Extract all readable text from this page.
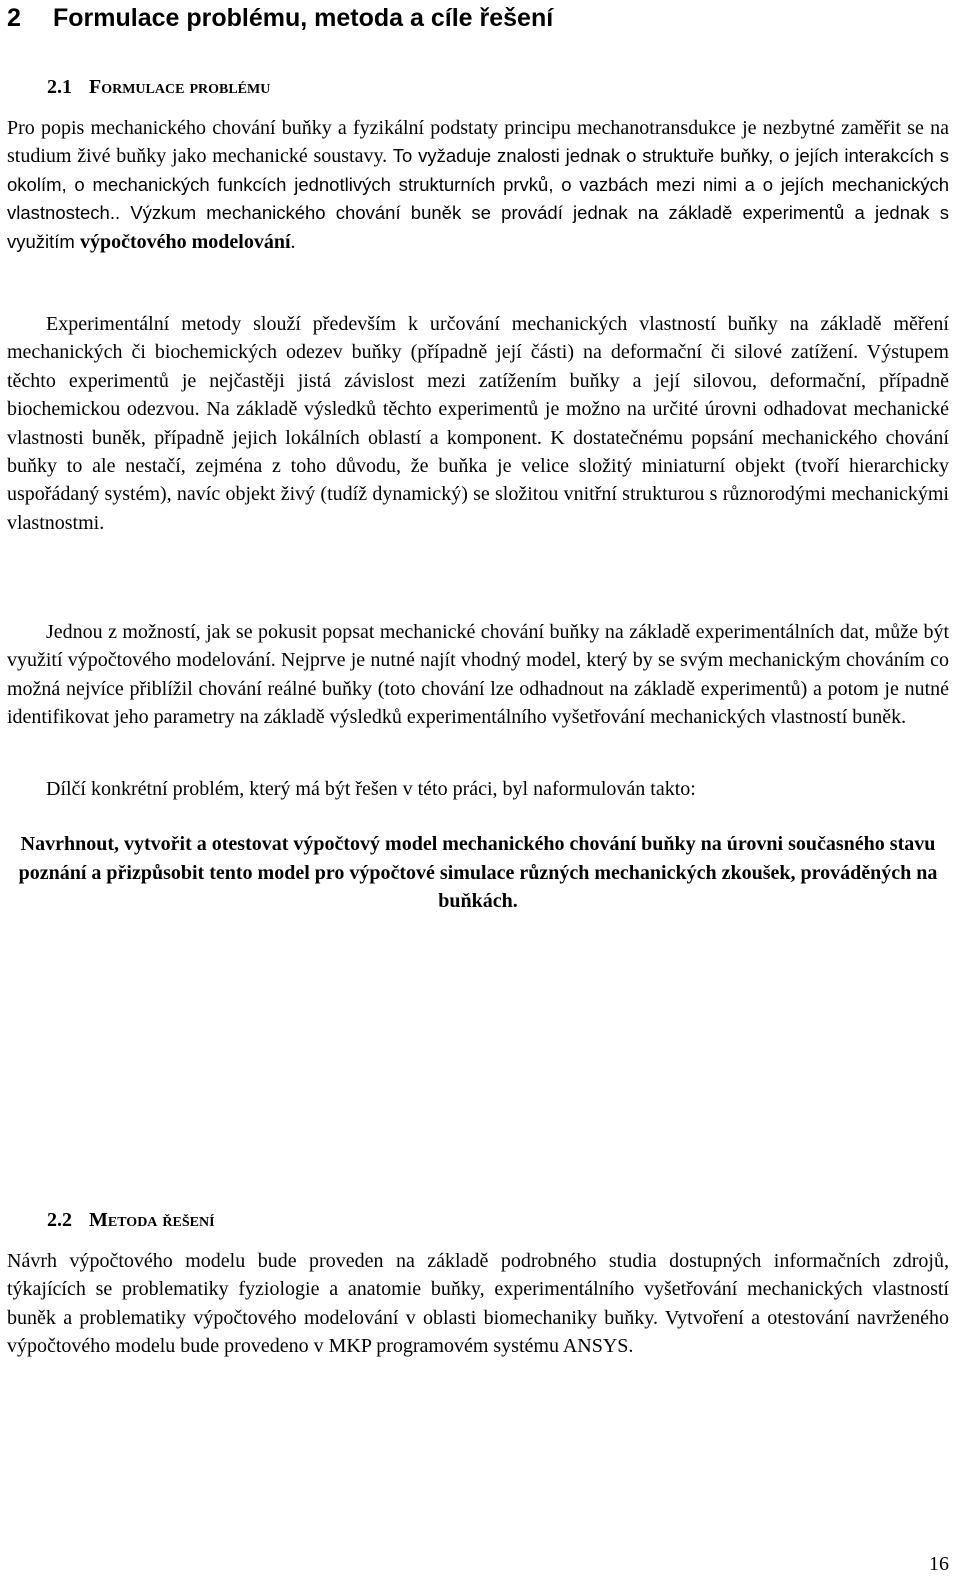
2 Formulace problému, metoda a cíle řešení
2.1 Formulace problému

Pro popis mechanického chování buňky a fyzikální podstaty principu mechanotransdukce je nezbytné zaměřit se na studium živé buňky jako mechanické soustavy. To vyžaduje znalosti jednak o struktuře buňky, o jejích interakcích s okolím, o mechanických funkcích jednotlivých strukturních prvků, o vazbách mezi nimi a o jejích mechanických vlastnostech.. Výzkum mechanického chování buněk se provádí jednak na základě experimentů a jednak s využitím výpočtového modelování.

Experimentální metody slouží především k určování mechanických vlastností buňky na základě měření mechanických či biochemických odezev buňky (případně její části) na deformační či silové zatížení. Výstupem těchto experimentů je nejčastěji jistá závislost mezi zatížením buňky a její silovou, deformační, případně biochemickou odezvou. Na základě výsledků těchto experimentů je možno na určité úrovni odhadovat mechanické vlastnosti buněk, případně jejich lokálních oblastí a komponent. K dostatečnému popsání mechanického chování buňky to ale nestačí, zejména z toho důvodu, že buňka je velice složitý miniaturní objekt (tvoří hierarchicky uspořádaný systém), navíc objekt živý (tudíž dynamický) se složitou vnitřní strukturou s různorodými mechanickými vlastnostmi.

Jednou z možností, jak se pokusit popsat mechanické chování buňky na základě experimentálních dat, může být využití výpočtového modelování. Nejprve je nutné najít vhodný model, který by se svým mechanickým chováním co možná nejvíce přiblížil chování reálné buňky (toto chování lze odhadnout na základě experimentů) a potom je nutné identifikovat jeho parametry na základě výsledků experimentálního vyšetřování mechanických vlastností buněk.

Dílčí konkrétní problém, který má být řešen v této práci, byl naformulován takto:

Navrhnout, vytvořit a otestovat výpočtový model mechanického chování buňky na úrovni současného stavu poznání a přizpůsobit tento model pro výpočtové simulace různých mechanických zkoušek, prováděných na buňkách.

2.2 Metoda řešení

Návrh výpočtového modelu bude proveden na základě podrobného studia dostupných informačních zdrojů, týkajících se problematiky fyziologie a anatomie buňky, experimentálního vyšetřování mechanických vlastností buněk a problematiky výpočtového modelování v oblasti biomechaniky buňky. Vytvoření a otestování navrženého výpočtového modelu bude provedeno v MKP programovém systému ANSYS.

16
